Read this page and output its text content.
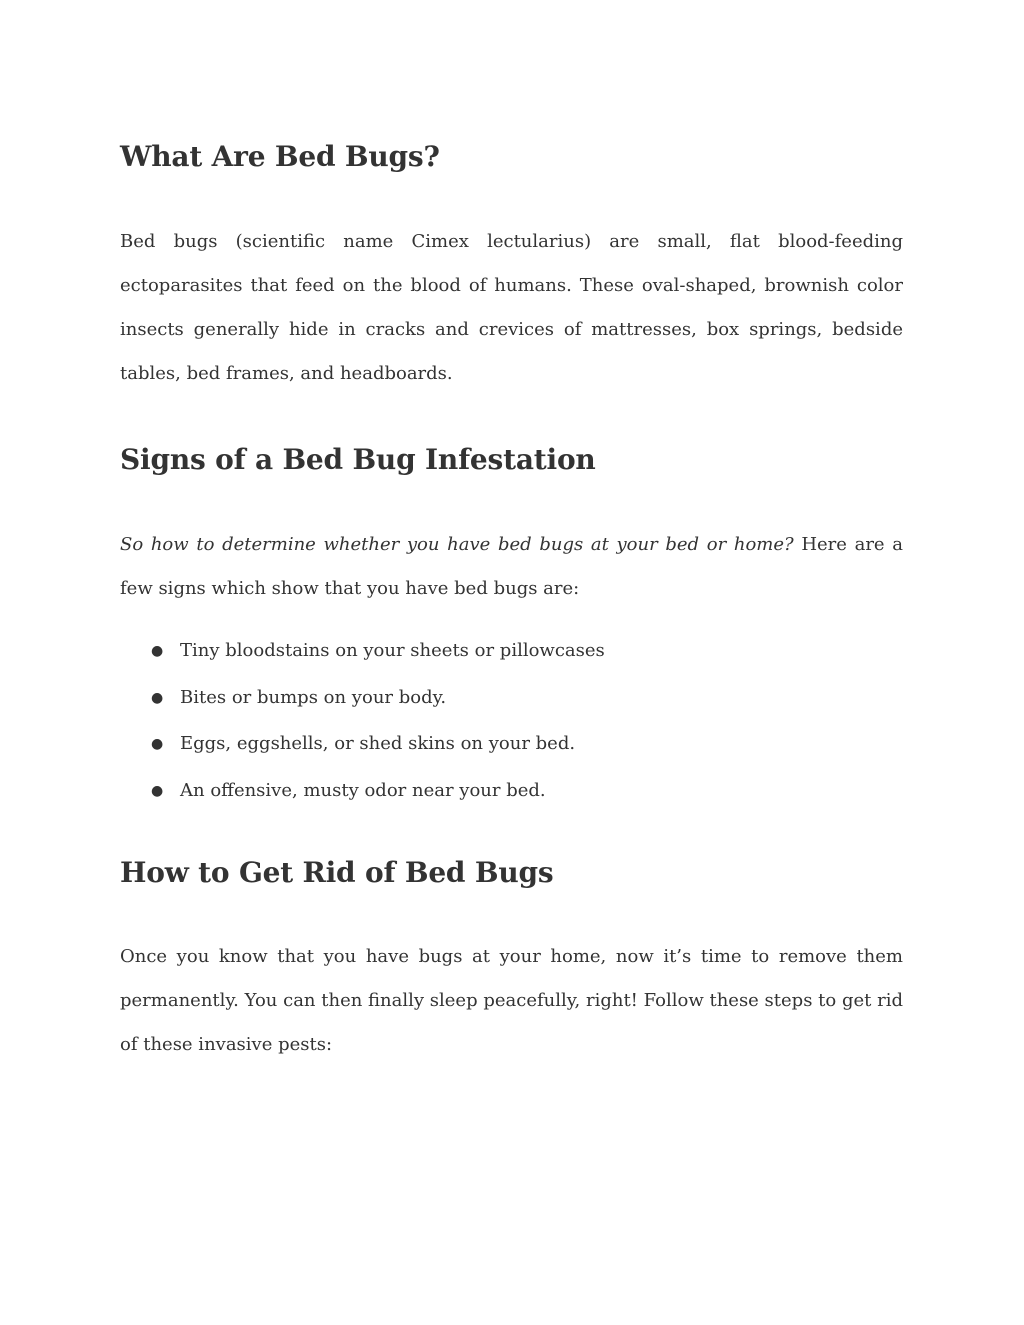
What Are Bed Bugs?

Bed bugs (scientific name Cimex lectularius) are small, flat blood-feeding ectoparasites that feed on the blood of humans. These oval-shaped, brownish color insects generally hide in cracks and crevices of mattresses, box springs, bedside tables, bed frames, and headboards.

Signs of a Bed Bug Infestation

So how to determine whether you have bed bugs at your bed or home? Here are a few signs which show that you have bed bugs are:

● Tiny bloodstains on your sheets or pillowcases
● Bites or bumps on your body.
● Eggs, eggshells, or shed skins on your bed.
● An offensive, musty odor near your bed.
How to Get Rid of Bed Bugs

Once you know that you have bugs at your home, now it’s time to remove them permanently. You can then finally sleep peacefully, right! Follow these steps to get rid of these invasive pests:
